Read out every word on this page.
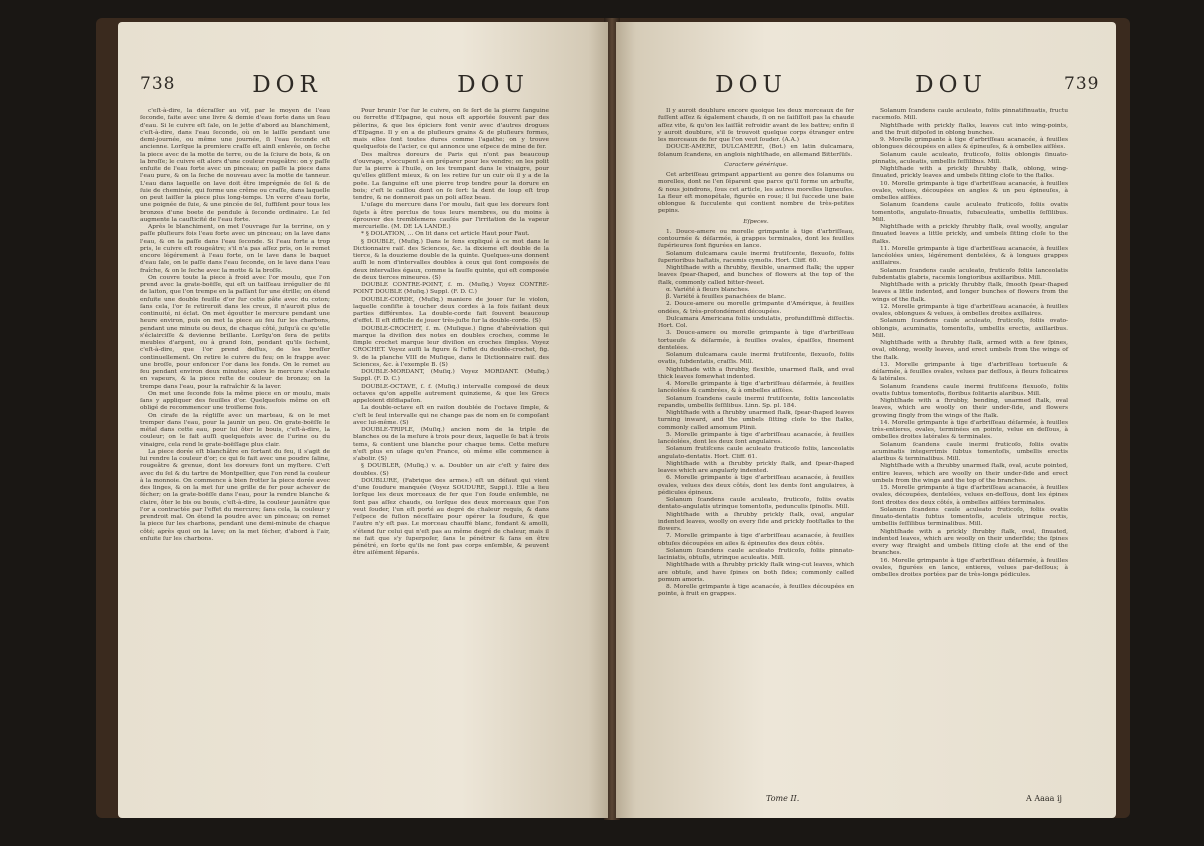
738	DOR	DOU

c'eſt-à-dire, la décraſſer au vif, par le moyen de l'eau ſeconde, faite avec une livre & demie d'eau forte dans un ſeau d'eau. Si le cuivre eſt ſale, on le jette d'abord au blanchiment, c'eſt-à-dire, dans l'eau ſeconde, où on le laiſſe pendant une demi-journée, ou même une journée, ſi l'eau ſeconde eſt ancienne. Lorſque la premiere craſſe eſt ainſi enlevée, on ſeche la piece avec de la motte de terre, ou de la ſciure de bois, & on la broſſe; le cuivre eſt alors d'une couleur rougeâtre: on y paſſe enſuite de l'eau forte avec un pinceau; on paſſe la piece dans l'eau pure, & on la ſeche de nouveau avec la motte de tanneur. L'eau dans laquelle on lave doit être imprégnée de ſel & de ſuie de cheminée, qui forme une crême ou craſſe, dans laquelle on peut laiſſer la piece plus long-temps. Un verre d'eau forte, une poignée de ſuie, & une pincée de ſel, ſuffiſent pour tous les bronzes d'une boete de pendule à ſeconde ordinaire. Le ſel augmente la cauſticité de l'eau forte.

Après le blanchiment, on met l'ouvrage ſur la terrine, on y paſſe pluſieurs fois l'eau forte avec un pinceau; on la lave dans l'eau, & on la paſſe dans l'eau ſeconde. Si l'eau forte a trop pris, le cuivre eſt rougeâtre; s'il n'a pas aſſez pris, on le remet encore légérement à l'eau forte, on le lave dans le baquet d'eau ſale, on le paſſe dans l'eau ſeconde, on le lave dans l'eau fraîche, & on le ſeche avec la motte & la broſſe.

On couvre toute la piece à froid avec l'or moulu, que l'on prend avec la grate-boëſſe, qui eſt un taiſſeau irrégulier de fil de laiton, que l'on trempe en la paſſant ſur une étrille; on étend enſuite une double feuille d'or ſur cette pâte avec du coton; ſans cela, l'or ſe retireroit dans les creux, il n'auroit plus de continuité, ni éclat. On met égoutter le mercure pendant une heure environ, puis on met la piece au feu ſur les charbons, pendant une minute ou deux, de chaque côté, juſqu'à ce qu'elle s'éclairciſſe & devienne brillante. Lorſqu'on ſera de petits meubles d'argent, ou à grand ſoin, pendant qu'ils ſechent, c'eſt-à-dire, que l'or prend deſſus, de les broſſer continuellement. On retire le cuivre du feu; on le frappe avec une broſſe, pour enfoncer l'or dans les fonds. On le remet au feu pendant environ deux minutes; alors le mercure s'exhale en vapeurs, & la piece reſte de couleur de bronze; on la trempe dans l'eau, pour la rafraîchir & la laver.

On met une ſeconde fois la même piece en or moulu, mais ſans y appliquer des feuilles d'or. Quelquefois même on eſt obligé de recommencer une troiſieme fois.

On cirafe de la régliſſe avec un marteau, & on le met tremper dans l'eau, pour la jaunir un peu. On grate-boëſſe le métal dans cette eau, pour lui ôter le bouis, c'eſt-à-dire, la couleur; on le fait auſſi quelquefois avec de l'urine ou du vinaigre, cela rend le grate-boëſſage plus clair.

La piece dorée eſt blanchâtre en ſortant du feu, il s'agit de lui rendre la couleur d'or; ce qui ſe fait avec une poudre ſaline, rougeâtre & grenue, dont les doreurs font un myſtere. C'eſt avec du ſel & du tartre de Montpellier, que l'on rend la couleur à la monnoie. On commence à bien frotter la piece dorée avec des linges, & on la met ſur une grille de fer pour achever de ſécher; on la grate-boëſſe dans l'eau, pour la rendre blanche & claire, ôter le bis ou bouis, c'eſt-à-dire, la couleur jaunâtre que l'or a contractée par l'effet du mercure; ſans cela, la couleur y prendroit mal. On étend la poudre avec un pinceau; on remet la piece ſur les charbons, pendant une demi-minute de chaque côté; après quoi on la lave; on la met ſécher, d'abord à l'air, enſuite ſur les charbons.

Pour brunir l'or ſur le cuivre, on ſe ſert de la pierre ſanguine ou ferrette d'Eſpagne, qui nous eſt apportée ſouvent par des pèlerins, & que les épiciers font venir avec d'autres drogues d'Eſpagne. Il y en a de pluſieurs grains & de pluſieurs formes, mais elles ſont toutes dures comme l'agathe; on y trouve quelquefois de l'acier, ce qui annonce une eſpece de mine de fer.

Des maîtres doreurs de Paris qui n'ont pas beaucoup d'ouvrage, s'occupent à en préparer pour les vendre; on les polit ſur la pierre à l'huile, on les trempant dans le vinaigre, pour qu'elles gliſſent mieux, & on les retire ſur un cuir où il y a de la poëe. La ſanguine eſt une pierre trop tendre pour la dorure en bois; c'eſt le caillou dont on ſe ſert: la dent de loup eſt trop tendre, & ne donneroit pas un poli aſſez beau.

L'uſage du mercure dans l'or moulu, fait que les doreurs ſont ſujets à être perclus de tous leurs membres, ou du moins à éprouver des tremblemens cauſés par l'irritation de la vapeur mercurielle. (M. DE LA LANDE.)

* § DOLATION, ... On lit dans cet article Haut pour Faut.

§ DOUBLE, (Muſiq.) Dans le ſens expliqué à ce mot dans le Dictionnaire raiſ. des Sciences, &c. la dixieme eſt double de la tierce, & la douzieme double de la quinte. Quelques-uns donnent auſſi le nom d'intervalles doubles à ceux qui ſont composés de deux intervalles égaux, comme la ſauſſe quinte, qui eſt composée de deux tierces mineures. (S)

DOUBLE CONTRE-POINT, ſ. m. (Muſiq.) Voyez CONTRE-POINT DOUBLE (Muſiq.) Suppl. (F. D. C.)

DOUBLE-CORDE, (Muſiq.) maniere de jouer ſur le violon, laquelle conſiſte à toucher deux cordes à la fois faiſant deux parties différentes. La double-corde fait ſouvent beaucoup d'effet. Il eſt difficile de jouer très-juſte ſur la double-corde. (S)

DOUBLE-CROCHET, ſ. m. (Muſique.) ſigne d'abréviation qui marque la diviſion des notes en doubles croches, comme le ſimple crochet marque leur diviſion en croches ſimples. Voyez CROCHET. Voyez auſſi la figure & l'effet du double-crochet, fig. 9. de la planche VIII de Muſique, dans le Dictionnaire raiſ. des Sciences, &c. à l'exemple B. (S)

DOUBLE-MORDANT, (Muſiq.) Voyez MORDANT. (Muſiq.) Suppl. (F. D. C.)

DOUBLE-OCTAVE, ſ. f. (Muſiq.) intervalle composé de deux octaves qu'on appelle autrement quinzieme, & que les Grecs appeloient diſdiapaſon.

La double-octave eſt en raiſon doublée de l'octave ſimple, & c'eſt le ſeul intervalle qui ne change pas de nom en ſe compoſant avec lui-même. (S)

DOUBLE-TRIPLE, (Muſiq.) ancien nom de la triple de blanches ou de la meſure à trois pour deux, laquelle ſe bat à trois tems, & contient une blanche pour chaque tems. Cette meſure n'eſt plus en uſage qu'en France, où même elle commence à s'abolir. (S)

§ DOUBLER, (Muſiq.) v. a. Doubler un air c'eſt y faire des doubles. (S)

DOUBLURE, (Fabrique des armes.) eſt un défaut qui vient d'une ſoudure manquée (Voyez SOUDURE, Suppl.). Elle a lieu lorſque les deux morceaux de fer que l'on ſoude enſemble, ne ſont pas aſſez chauds, ou lorſque des deux morceaux que l'on veut ſouder, l'un eſt porté au degré de chaleur requis, & dans l'eſpece de fuſion néceſſaire pour opérer la ſoudure, & que l'autre n'y eſt pas. Le morceau chauffé blanc, fondant & amolli, s'étend ſur celui qui n'eſt pas au même degré de chaleur, mais il ne fait que s'y ſuperpoſer, ſans le pénétrer & ſans en être pénétré, en ſorte qu'ils ne ſont pas corps enſemble, & peuvent être aiſément ſéparés.

DOU	DOU	739

Il y auroit doublure encore quoique les deux morceaux de fer fuſſent aſſez & également chauds, ſi on ne ſaiſiſſoit pas la chaude aſſez vite, & qu'on les laiſſât refroidir avant de les battre; enfin il y auroit doublure, s'il ſe trouvoit quelque corps étranger entre les morceaux de fer que l'on veut ſouder. (A.A.)

DOUCE-AMERE, DULCAMERE, (Bot.) en latin dulcamara, ſolanum ſcandens, en anglois nightſhade, en allemand Bitterſüſs.

Caractere générique.

Cet arbriſſeau grimpant appartient au genre des ſolanums ou morelles, dont ne l'en ſéparent que parce qu'il forme un arbuſte, & nous joindrons, ſous cet article, les autres morelles ligneuſes. La fleur eſt monopétale, figurée en roue; il lui ſuccede une baie oblongue & ſucculente qui contient nombre de très-petites pepins.

Eſpeces.

1. Douce-amere ou morelle grimpante à tige d'arbriſſeau, contournée & déſarmée, à grappes terminales, dont les feuilles ſupérieures ſont figurées en lance.

Solanum dulcamara caule inermi frutiſcente, flexuoſo, foliis ſuperioribus haſtatis, racemis cymoſis. Hort. Cliff. 60.

Nightſhade with a ſhrubby, flexible, unarmed ſtalk; the upper leaves ſpear-ſhaped, and bunches of flowers at the top of the ſtalk, commonly called bitter-ſweet.

α. Variété à fleurs blanches.

β. Variété à feuilles panachées de blanc.

2. Douce-amere ou morelle grimpante d'Amérique, à feuilles ondées, & très-profondément découpées.

Dulcamara Americana foliis undulatis, profundiſſimè diſſectis. Hort. Col.

3. Douce-amere ou morelle grimpante à tige d'arbriſſeau tortueuſe & déſarmée, à feuilles ovales, épaiſſes, finement dentelées.

Solanum dulcamara caule inermi frutiſcente, flexuoſo, foliis ovatis, ſubdentatis, craſſis. Mill.

Nightſhade with a ſhrubby, flexible, unarmed ſtalk, and oval thick leaves ſomewhat indented.

4. Morelle grimpante à tige d'arbriſſeau déſarmée, à feuilles lancéolées & cambrées, & à ombelles aiſſées.

Solanum ſcandens caule inermi frutiſcente, foliis lanceolatis repandis, umbellis ſeſſilibus. Linn. Sp. pl. 184.

Nightſhade with a ſhrubby unarmed ſtalk, ſpear-ſhaped leaves turning inward, and the umbels ſitting cloſe to the ſtalks, commonly called amomum Plinii.

5. Morelle grimpante à tige d'arbriſſeau acanacée, à feuilles lancéolées, dont les deux ſont angulaires.

Solanum frutiſcens caule aculeato fruticoſo foliis, lanceolatis angulato-dentatis. Hort. Cliff. 61.

Nightſhade with a ſhrubby prickly ſtalk, and ſpear-ſhaped leaves which are angularly indented.

6. Morelle grimpante à tige d'arbriſſeau acanacée, à feuilles ovales, velues des deux côtés, dont les dents ſont angulaires, à pédicules épineux.

Solanum ſcandens caule aculeato, fruticoſo, foliis ovatis dentato-angulatis utrinque tomentoſis, pedunculis ſpinoſis. Mill.

Nightſhade with a ſhrubby prickly ſtalk, oval, angular indented leaves, woolly on every ſide and prickly footſtalks to the flowers.

7. Morelle grimpante à tige d'arbriſſeau acanacée, à feuilles obtuſes découpées en ailes & épineuſes des deux côtés.

Solanum ſcandens caule aculeato fruticoſo, foliis pinnato-laciniatis, obtuſis, utrinque aculeatis. Mill.

Nightſhade with a ſhrubby prickly ſtalk wing-cut leaves, which are obtuſe, and have ſpines on both ſides; commonly called pomum amoris.

8. Morelle grimpante à tige acanacée, à feuilles découpées en pointe, à fruit en grappes.

Solanum ſcandens caule aculeato, foliis pinnatifinuatis, fructu racemoſo. Mill.

Nightſhade with prickly ſtalks, leaves cut into wing-points, and the fruit diſpoſed in oblong bunches.

9. Morelle grimpante à tige d'arbriſſeau acanacée, à feuilles oblongues découpées en ailes & épineuſes, & à ombelles aiſſées.

Solanum caule aculeato, fruticoſo, foliis oblongis ſinuato-pinnatis, aculeatis, umbellis ſeſſilibus. Mill.

Nightſhade with a prickly ſhrubby ſtalk, oblong, wing-ſinuated, prickly leaves and umbels ſitting cloſe to the ſtalks.

10. Morelle grimpante à tige d'arbriſſeau acanacée, à feuilles ovales, velues, découpées en angles & un peu épineuſes, à ombelles aiſſées.

Solanum ſcandens caule aculeato fruticoſo, foliis ovatis tomentoſis, angulato-ſinuatis, ſubaculeatis, umbellis ſeſſilibus. Mill.

Nightſhade with a prickly ſhrubby ſtalk, oval woolly, angular ſinuated leaves a little prickly, and umbels ſitting cloſe to the ſtalks.

11. Morelle grimpante à tige d'arbriſſeau acanacée, à feuilles lancéolées unies, légérement dentelées, & à longues grappes axillaires.

Solanum ſcandens caule aculeato, fruticoſo foliis lanceolatis ſubdentatis glabris, racemis longioribus axillaribus. Mill.

Nightſhade with a prickly ſhrubby ſtalk, ſmooth ſpear-ſhaped leaves a little indented, and longer bunches of flowers from the wings of the ſtalk.

12. Morelle grimpante à tige d'arbriſſeau acanacée, à feuilles ovales, oblongues & velues, à ombelles droites axillaires.

Solanum ſcandens caule aculeato, fruticoſo, foliis ovato-oblongis, acuminatis, tomentoſis, umbellis erectis, axillaribus. Mill.

Nightſhade with a ſhrubby ſtalk, armed with a few ſpines, oval, oblong, woolly leaves, and erect umbels from the wings of the ſtalk.

13. Morelle grimpante à tige d'arbriſſeau tortueuſe & déſarmée, à feuilles ovales, velues par deſſous, à fleurs folicaires & latérales.

Solanum ſcandens caule inermi frutiſcens flexuoſo, foliis ovatis ſubtus tomentoſis, floribus ſolitariis alaribus. Mill.

Nightſhade with a ſhrubby, bending, unarmed ſtalk, oval leaves, which are woolly on their under-ſide, and flowers growing ſingly from the wings of the ſtalk.

14. Morelle grimpante à tige d'arbriſſeau déſarmée, à feuilles très-entieres, ovales, terminées en pointe, velue en deſſous, à ombelles droites latérales & terminales.

Solanum ſcandens caule inermi fruticoſo, foliis ovatis acuminatis integerrimis ſubtus tomentoſis, umbellis erectis alaribus & terminalibus. Mill.

Nightſhade with a ſhrubby unarmed ſtalk, oval, acute pointed, entire leaves, which are woolly on their under-ſide and erect umbels from the wings and the top of the branches.

15. Morelle grimpante à tige d'arbriſſeau acanacée, à feuilles ovales, découpées, dentelées, velues en-deſſous, dont les épines ſont droites des deux côtés, à ombelles aiſſées terminales.

Solanum ſcandens caule aculeato fruticoſo, foliis ovatis ſinuato-dentatis ſubtus tomentoſis, aculeis utrinque rectis, umbellis ſeſſilibus terminalibus. Mill.

Nightſhade with a prickly ſhrubby ſtalk, oval, ſinuated, indented leaves, which are woolly on their underſide; the ſpines every way ſtraight and umbels ſitting cloſe at the end of the branches.

16. Morelle grimpante à tige d'arbriſſeau déſarmée, à feuilles ovales, figurées en lance, entieres, velues par-deſſous; à ombelles droites portées par de très-longs pédicules.

Tome II.	A Aaaa ij
